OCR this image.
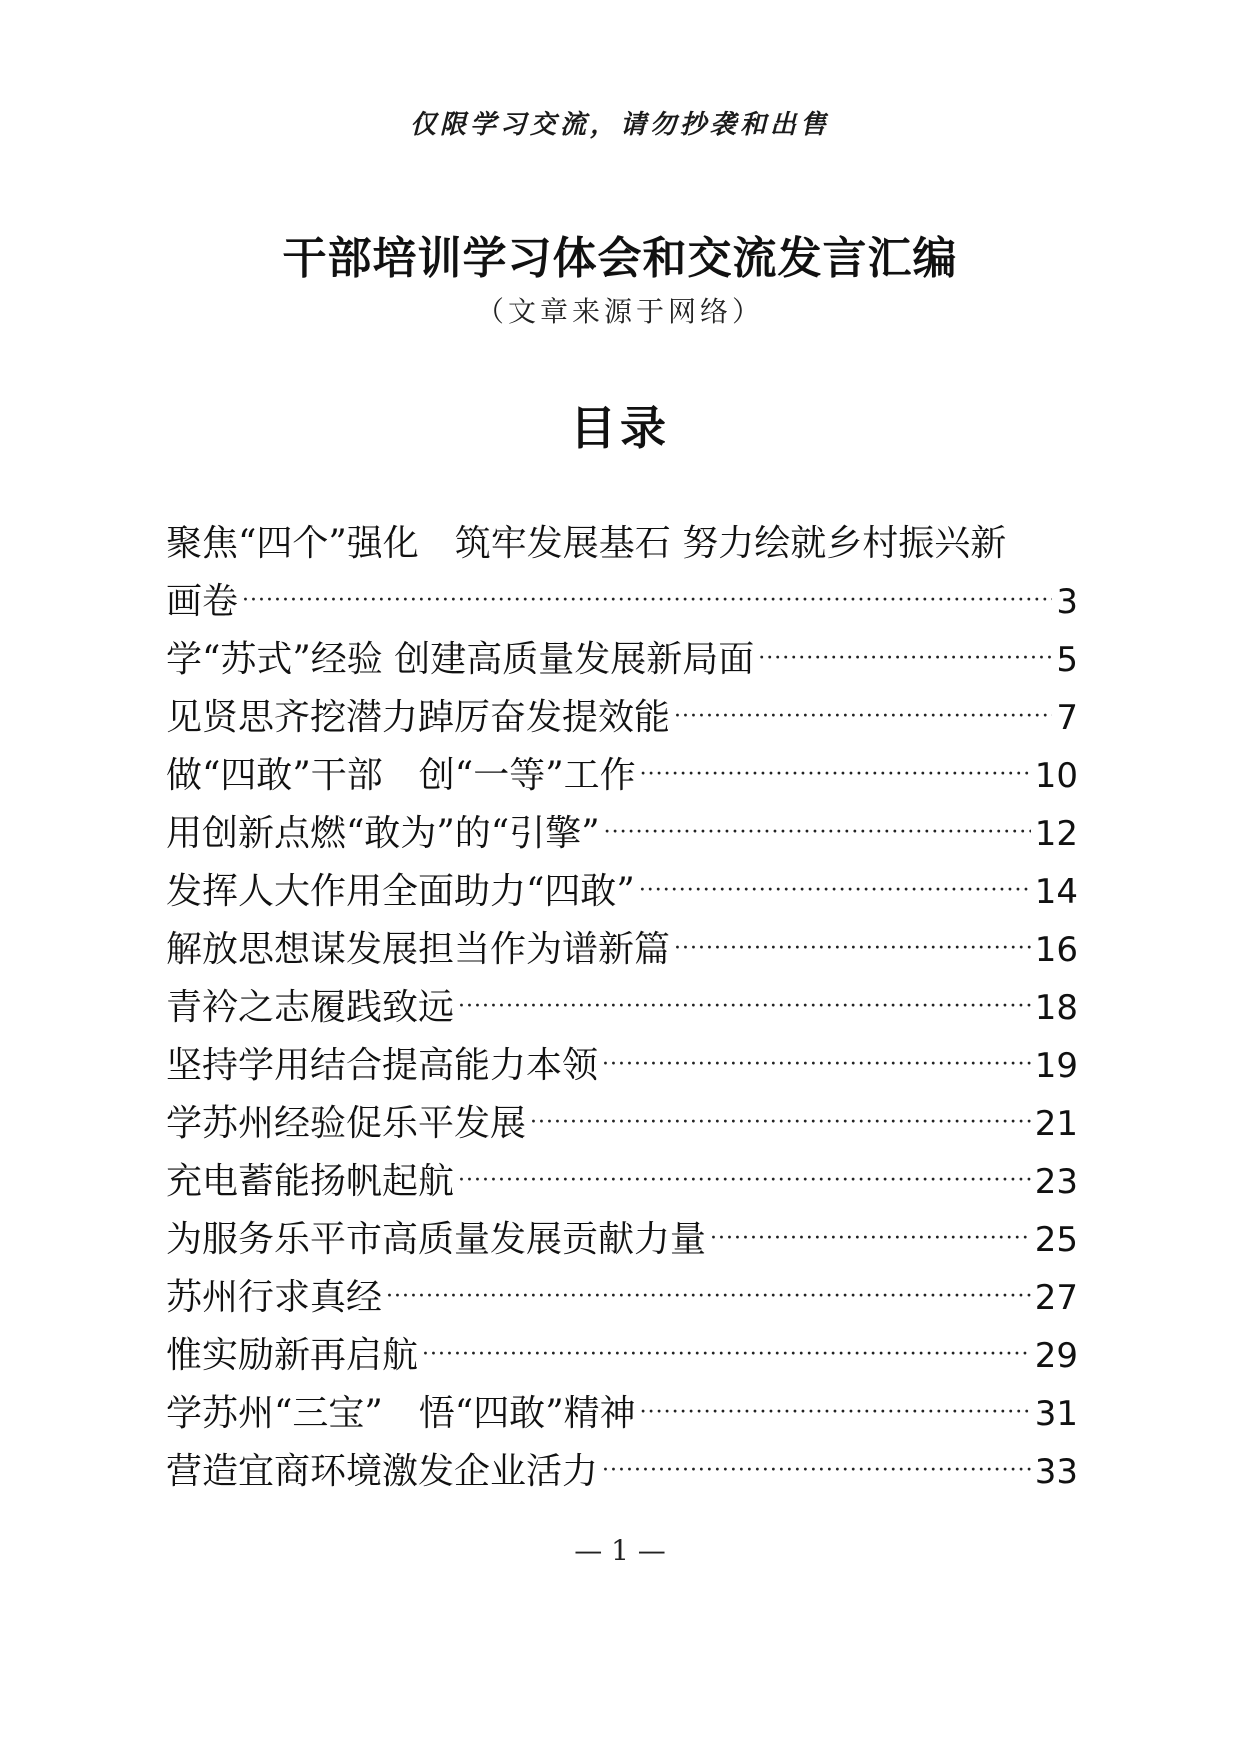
仅限学习交流，请勿抄袭和出售
干部培训学习体会和交流发言汇编
（文章来源于网络）
目录
聚焦“四个”强化　筑牢发展基石 努力绘就乡村振兴新
画卷 ·····	3
学“苏式”经验 创建高质量发展新局面 ·····	5
见贤思齐挖潜力踔厉奋发提效能 ·····	7
做“四敢”干部　创“一等”工作 ·····	10
用创新点燃“敢为”的“引擎” ·····	12
发挥人大作用全面助力“四敢” ·····	14
解放思想谋发展担当作为谱新篇 ·····	16
青衿之志履践致远 ·····	18
坚持学用结合提高能力本领 ·····	19
学苏州经验促乐平发展 ·····	21
充电蓄能扬帆起航 ·····	23
为服务乐平市高质量发展贡献力量 ·····	25
苏州行求真经 ·····	27
惟实励新再启航 ·····	29
学苏州“三宝”　悟“四敢”精神 ·····	31
营造宜商环境激发企业活力 ·····	33
— 1 —
